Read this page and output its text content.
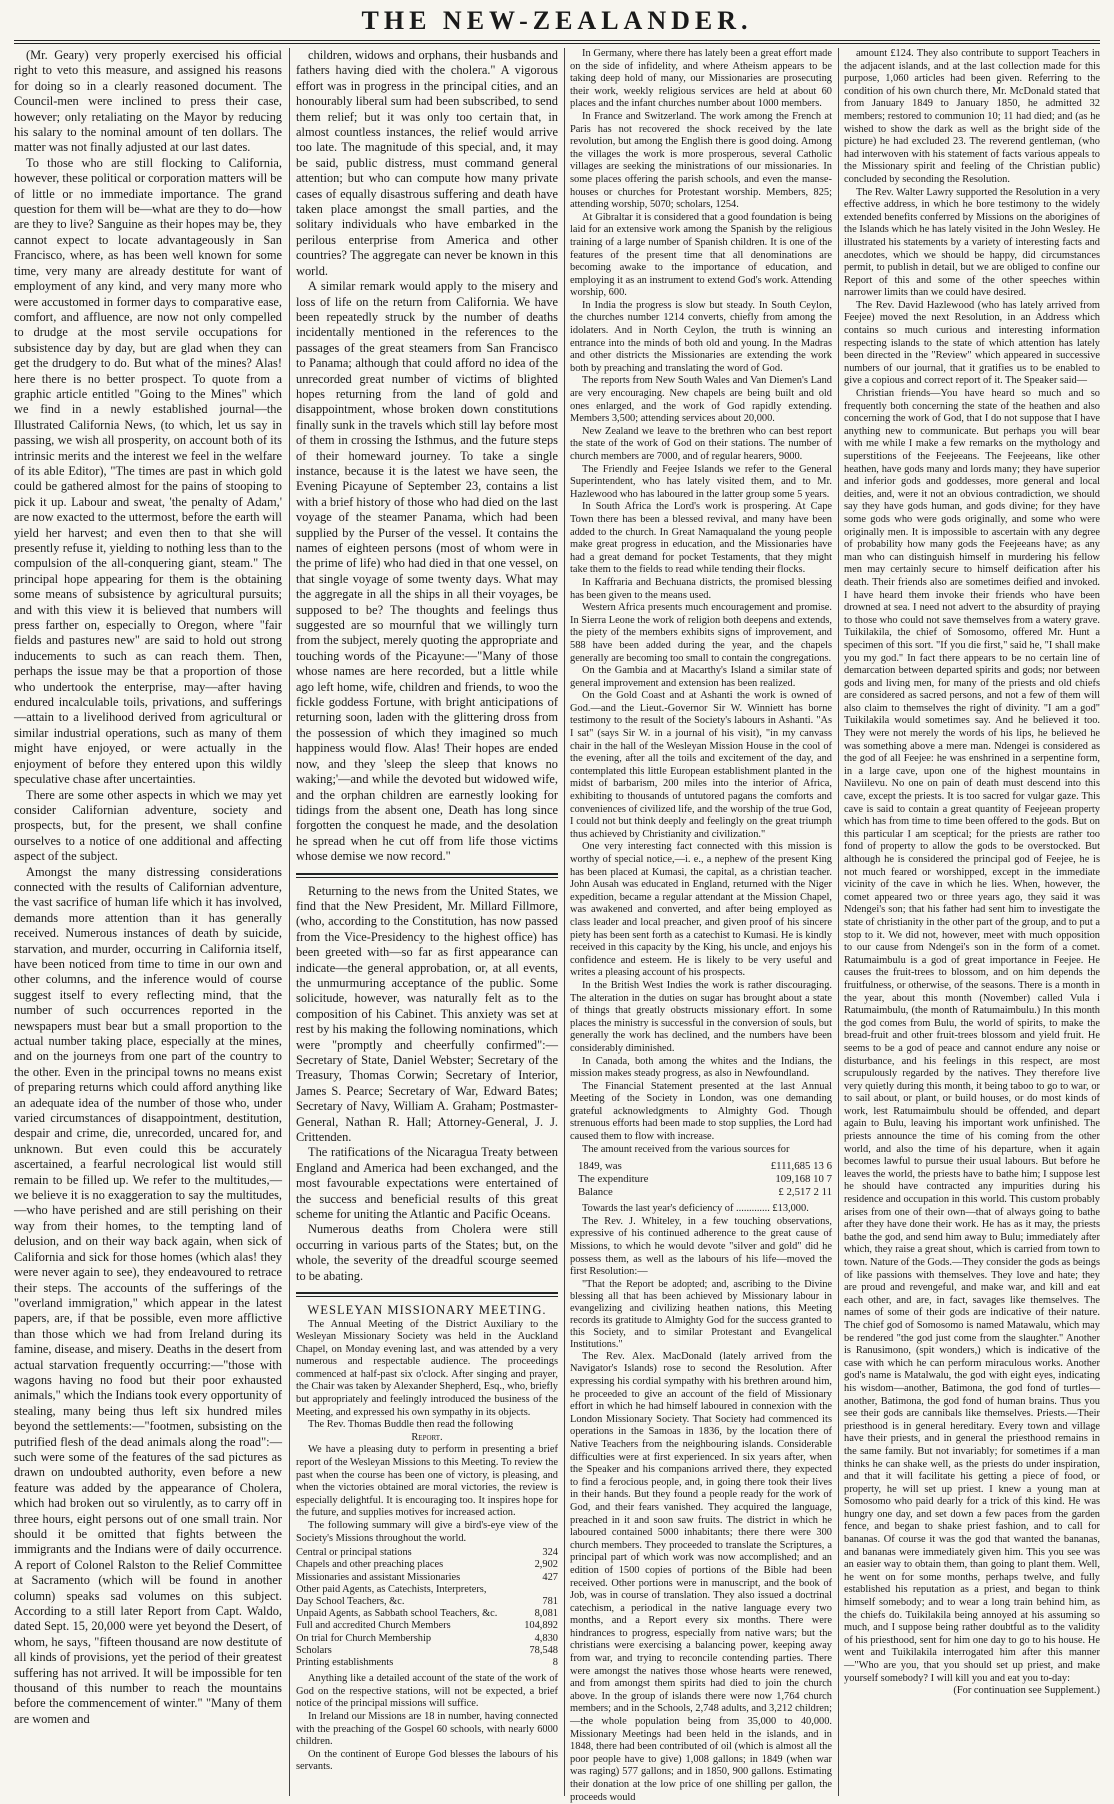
THE NEW-ZEALANDER.

(Mr. Geary) very properly exercised his official right to veto this measure, and assigned his reasons for doing so in a clearly reasoned document. The Council-men were inclined to press their case, however; only retaliating on the Mayor by reducing his salary to the nominal amount of ten dollars. The matter was not finally adjusted at our last dates.

To those who are still flocking to California, however, these political or corporation matters will be of little or no immediate importance. The grand question for them will be—what are they to do—how are they to live? Sanguine as their hopes may be, they cannot expect to locate advantageously in San Francisco, where, as has been well known for some time, very many are already destitute for want of employment of any kind, and very many more who were accustomed in former days to comparative ease, comfort, and affluence, are now not only compelled to drudge at the most servile occupations for subsistence day by day, but are glad when they can get the drudgery to do. But what of the mines? Alas! here there is no better prospect. To quote from a graphic article entitled "Going to the Mines" which we find in a newly established journal—the Illustrated California News, (to which, let us say in passing, we wish all prosperity, on account both of its intrinsic merits and the interest we feel in the welfare of its able Editor), "The times are past in which gold could be gathered almost for the pains of stooping to pick it up. Labour and sweat, 'the penalty of Adam,' are now exacted to the uttermost, before the earth will yield her harvest; and even then to that she will presently refuse it, yielding to nothing less than to the compulsion of the all-conquering giant, steam." The principal hope appearing for them is the obtaining some means of subsistence by agricultural pursuits; and with this view it is believed that numbers will press farther on, especially to Oregon, where "fair fields and pastures new" are said to hold out strong inducements to such as can reach them. Then, perhaps the issue may be that a proportion of those who undertook the enterprise, may—after having endured incalculable toils, privations, and sufferings—attain to a livelihood derived from agricultural or similar industrial operations, such as many of them might have enjoyed, or were actually in the enjoyment of before they entered upon this wildly speculative chase after uncertainties.

There are some other aspects in which we may yet consider Californian adventure, society and prospects, but, for the present, we shall confine ourselves to a notice of one additional and affecting aspect of the subject.

Amongst the many distressing considerations connected with the results of Californian adventure, the vast sacrifice of human life which it has involved, demands more attention than it has generally received. Numerous instances of death by suicide, starvation, and murder, occurring in California itself, have been noticed from time to time in our own and other columns, and the inference would of course suggest itself to every reflecting mind, that the number of such occurrences reported in the newspapers must bear but a small proportion to the actual number taking place, especially at the mines, and on the journeys from one part of the country to the other. Even in the principal towns no means exist of preparing returns which could afford anything like an adequate idea of the number of those who, under varied circumstances of disappointment, destitution, despair and crime, die, unrecorded, uncared for, and unknown. But even could this be accurately ascertained, a fearful necrological list would still remain to be filled up. We refer to the multitudes,—we believe it is no exaggeration to say the multitudes,—who have perished and are still perishing on their way from their homes, to the tempting land of delusion, and on their way back again, when sick of California and sick for those homes (which alas! they were never again to see), they endeavoured to retrace their steps. The accounts of the sufferings of the "overland immigration," which appear in the latest papers, are, if that be possible, even more afflictive than those which we had from Ireland during its famine, disease, and misery. Deaths in the desert from actual starvation frequently occurring:—"those with wagons having no food but their poor exhausted animals," which the Indians took every opportunity of stealing, many being thus left six hundred miles beyond the settlements:—"footmen, subsisting on the putrified flesh of the dead animals along the road":—such were some of the features of the sad pictures as drawn on undoubted authority, even before a new feature was added by the appearance of Cholera, which had broken out so virulently, as to carry off in three hours, eight persons out of one small train. Nor should it be omitted that fights between the immigrants and the Indians were of daily occurrence. A report of Colonel Ralston to the Relief Committee at Sacramento (which will be found in another column) speaks sad volumes on this subject. According to a still later Report from Capt. Waldo, dated Sept. 15, 20,000 were yet beyond the Desert, of whom, he says, "fifteen thousand are now destitute of all kinds of provisions, yet the period of their greatest suffering has not arrived. It will be impossible for ten thousand of this number to reach the mountains before the commencement of winter." "Many of them are women and

children, widows and orphans, their husbands and fathers having died with the cholera." A vigorous effort was in progress in the principal cities, and an honourably liberal sum had been subscribed, to send them relief; but it was only too certain that, in almost countless instances, the relief would arrive too late. The magnitude of this special, and, it may be said, public distress, must command general attention; but who can compute how many private cases of equally disastrous suffering and death have taken place amongst the small parties, and the solitary individuals who have embarked in the perilous enterprise from America and other countries? The aggregate can never be known in this world.

A similar remark would apply to the misery and loss of life on the return from California. We have been repeatedly struck by the number of deaths incidentally mentioned in the references to the passages of the great steamers from San Francisco to Panama; although that could afford no idea of the unrecorded great number of victims of blighted hopes returning from the land of gold and disappointment, whose broken down constitutions finally sunk in the travels which still lay before most of them in crossing the Isthmus, and the future steps of their homeward journey. To take a single instance, because it is the latest we have seen, the Evening Picayune of September 23, contains a list with a brief history of those who had died on the last voyage of the steamer Panama, which had been supplied by the Purser of the vessel. It contains the names of eighteen persons (most of whom were in the prime of life) who had died in that one vessel, on that single voyage of some twenty days. What may the aggregate in all the ships in all their voyages, be supposed to be? The thoughts and feelings thus suggested are so mournful that we willingly turn from the subject, merely quoting the appropriate and touching words of the Picayune:—"Many of those whose names are here recorded, but a little while ago left home, wife, children and friends, to woo the fickle goddess Fortune, with bright anticipations of returning soon, laden with the glittering dross from the possession of which they imagined so much happiness would flow. Alas! Their hopes are ended now, and they 'sleep the sleep that knows no waking;'—and while the devoted but widowed wife, and the orphan children are earnestly looking for tidings from the absent one, Death has long since forgotten the conquest he made, and the desolation he spread when he cut off from life those victims whose demise we now record."

Returning to the news from the United States, we find that the New President, Mr. Millard Fillmore, (who, according to the Constitution, has now passed from the Vice-Presidency to the highest office) has been greeted with—so far as first appearance can indicate—the general approbation, or, at all events, the unmurmuring acceptance of the public. Some solicitude, however, was naturally felt as to the composition of his Cabinet. This anxiety was set at rest by his making the following nominations, which were "promptly and cheerfully confirmed":—Secretary of State, Daniel Webster; Secretary of the Treasury, Thomas Corwin; Secretary of Interior, James S. Pearce; Secretary of War, Edward Bates; Secretary of Navy, William A. Graham; Postmaster-General, Nathan R. Hall; Attorney-General, J. J. Crittenden.

The ratifications of the Nicaragua Treaty between England and America had been exchanged, and the most favourable expectations were entertained of the success and beneficial results of this great scheme for uniting the Atlantic and Pacific Oceans.

Numerous deaths from Cholera were still occurring in various parts of the States; but, on the whole, the severity of the dreadful scourge seemed to be abating.

WESLEYAN MISSIONARY MEETING.

The Annual Meeting of the District Auxiliary to the Wesleyan Missionary Society was held in the Auckland Chapel, on Monday evening last, and was attended by a very numerous and respectable audience. The proceedings commenced at half-past six o'clock. After singing and prayer, the Chair was taken by Alexander Shepherd, Esq., who, briefly but appropriately and feelingly introduced the business of the Meeting, and expressed his own sympathy in its objects.

The Rev. Thomas Buddle then read the following

Report.

We have a pleasing duty to perform in presenting a brief report of the Wesleyan Missions to this Meeting. To review the past when the course has been one of victory, is pleasing, and when the victories obtained are moral victories, the review is especially delightful. It is encouraging too. It inspires hope for the future, and supplies motives for increased action.

The following summary will give a bird's-eye view of the Society's Missions throughout the world.

Central or principal stations	324
Chapels and other preaching places	2,902
Missionaries and assistant Missionaries	427
Other paid Agents, as Catechists, Interpreters,	
Day School Teachers, &c.	781
Unpaid Agents, as Sabbath school Teachers, &c.	8,081
Full and accredited Church Members	104,892
On trial for Church Membership	4,830
Scholars	78,548
Printing establishments	8

Anything like a detailed account of the state of the work of God on the respective stations, will not be expected, a brief notice of the principal missions will suffice.

In Ireland our Missions are 18 in number, having connected with the preaching of the Gospel 60 schools, with nearly 6000 children.

On the continent of Europe God blesses the labours of his servants.

In Germany, where there has lately been a great effort made on the side of infidelity, and where Atheism appears to be taking deep hold of many, our Missionaries are prosecuting their work, weekly religious services are held at about 60 places and the infant churches number about 1000 members.

In France and Switzerland. The work among the French at Paris has not recovered the shock received by the late revolution, but among the English there is good doing. Among the villages the work is more prosperous, several Catholic villages are seeking the ministrations of our missionaries. In some places offering the parish schools, and even the manse-houses or churches for Protestant worship. Members, 825; attending worship, 5070; scholars, 1254.

At Gibraltar it is considered that a good foundation is being laid for an extensive work among the Spanish by the religious training of a large number of Spanish children. It is one of the features of the present time that all denominations are becoming awake to the importance of education, and employing it as an instrument to extend God's work. Attending worship, 600.

In India the progress is slow but steady. In South Ceylon, the churches number 1214 converts, chiefly from among the idolaters. And in North Ceylon, the truth is winning an entrance into the minds of both old and young. In the Madras and other districts the Missionaries are extending the work both by preaching and translating the word of God.

The reports from New South Wales and Van Diemen's Land are very encouraging. New chapels are being built and old ones enlarged, and the work of God rapidly extending. Members 3,500; attending services about 20,000.

New Zealand we leave to the brethren who can best report the state of the work of God on their stations. The number of church members are 7000, and of regular hearers, 9000.

The Friendly and Feejee Islands we refer to the General Superintendent, who has lately visited them, and to Mr. Hazlewood who has laboured in the latter group some 5 years.

In South Africa the Lord's work is prospering. At Cape Town there has been a blessed revival, and many have been added to the church. In Great Namaqualand the young people make great progress in education, and the Missionaries have had a great demand for pocket Testaments, that they might take them to the fields to read while tending their flocks.

In Kaffraria and Bechuana districts, the promised blessing has been given to the means used.

Western Africa presents much encouragement and promise. In Sierra Leone the work of religion both deepens and extends, the piety of the members exhibits signs of improvement, and 588 have been added during the year, and the chapels generally are becoming too small to contain the congregations.

On the Gambia and at Macarthy's Island a similar state of general improvement and extension has been realized.

On the Gold Coast and at Ashanti the work is owned of God.—and the Lieut.-Governor Sir W. Winniett has borne testimony to the result of the Society's labours in Ashanti. "As I sat" (says Sir W. in a journal of his visit), "in my canvass chair in the hall of the Wesleyan Mission House in the cool of the evening, after all the toils and excitement of the day, and contemplated this little European establishment planted in the midst of barbarism, 200 miles into the interior of Africa, exhibiting to thousands of untutored pagans the comforts and conveniences of civilized life, and the worship of the true God, I could not but think deeply and feelingly on the great triumph thus achieved by Christianity and civilization."

One very interesting fact connected with this mission is worthy of special notice,—i. e., a nephew of the present King has been placed at Kumasi, the capital, as a christian teacher. John Ausah was educated in England, returned with the Niger expedition, became a regular attendant at the Mission Chapel, was awakened and converted, and after being employed as class leader and local preacher, and given proof of his sincere piety has been sent forth as a catechist to Kumasi. He is kindly received in this capacity by the King, his uncle, and enjoys his confidence and esteem. He is likely to be very useful and writes a pleasing account of his prospects.

In the British West Indies the work is rather discouraging. The alteration in the duties on sugar has brought about a state of things that greatly obstructs missionary effort. In some places the ministry is successful in the conversion of souls, but generally the work has declined, and the numbers have been considerably diminished.

In Canada, both among the whites and the Indians, the mission makes steady progress, as also in Newfoundland.

The Financial Statement presented at the last Annual Meeting of the Society in London, was one demanding grateful acknowledgments to Almighty God. Though strenuous efforts had been made to stop supplies, the Lord had caused them to flow with increase.

The amount received from the various sources for

1849, was	£111,685 13 6
The expenditure	109,168 10 7
Balance	£ 2,517 2 11

Towards the last year's deficiency of ............. £13,000.

The Rev. J. Whiteley, in a few touching observations, expressive of his continued adherence to the great cause of Missions, to which he would devote "silver and gold" did he possess them, as well as the labours of his life—moved the first Resolution:—

"That the Report be adopted; and, ascribing to the Divine blessing all that has been achieved by Missionary labour in evangelizing and civilizing heathen nations, this Meeting records its gratitude to Almighty God for the success granted to this Society, and to similar Protestant and Evangelical Institutions."

The Rev. Alex. MacDonald (lately arrived from the Navigator's Islands) rose to second the Resolution. After expressing his cordial sympathy with his brethren around him, he proceeded to give an account of the field of Missionary effort in which he had himself laboured in connexion with the London Missionary Society. That Society had commenced its operations in the Samoas in 1836, by the location there of Native Teachers from the neighbouring islands. Considerable difficulties were at first experienced. In six years after, when the Speaker and his companions arrived there, they expected to find a ferocious people, and, in going there took their lives in their hands. But they found a people ready for the work of God, and their fears vanished. They acquired the language, preached in it and soon saw fruits. The district in which he laboured contained 5000 inhabitants; there there were 300 church members. They proceeded to translate the Scriptures, a principal part of which work was now accomplished; and an edition of 1500 copies of portions of the Bible had been received. Other portions were in manuscript, and the book of Job, was in course of translation. They also issued a doctrinal catechism, a periodical in the native language every two months, and a Report every six months. There were hindrances to progress, especially from native wars; but the christians were exercising a balancing power, keeping away from war, and trying to reconcile contending parties. There were amongst the natives those whose hearts were renewed, and from amongst them spirits had died to join the church above. In the group of islands there were now 1,764 church members; and in the Schools, 2,748 adults, and 3,212 children;—the whole population being from 35,000 to 40,000. Missionary Meetings had been held in the islands, and in 1848, there had been contributed of oil (which is almost all the poor people have to give) 1,008 gallons; in 1849 (when war was raging) 577 gallons; and in 1850, 900 gallons. Estimating their donation at the low price of one shilling per gallon, the proceeds would

amount £124. They also contribute to support Teachers in the adjacent islands, and at the last collection made for this purpose, 1,060 articles had been given. Referring to the condition of his own church there, Mr. McDonald stated that from January 1849 to January 1850, he admitted 32 members; restored to communion 10; 11 had died; and (as he wished to show the dark as well as the bright side of the picture) he had excluded 23. The reverend gentleman, (who had interwoven with his statement of facts various appeals to the Missionary spirit and feeling of the Christian public) concluded by seconding the Resolution.

The Rev. Walter Lawry supported the Resolution in a very effective address, in which he bore testimony to the widely extended benefits conferred by Missions on the aborigines of the Islands which he has lately visited in the John Wesley. He illustrated his statements by a variety of interesting facts and anecdotes, which we should be happy, did circumstances permit, to publish in detail, but we are obliged to confine our Report of this and some of the other speeches within narrower limits than we could have desired.

The Rev. David Hazlewood (who has lately arrived from Feejee) moved the next Resolution, in an Address which contains so much curious and interesting information respecting islands to the state of which attention has lately been directed in the "Review" which appeared in successive numbers of our journal, that it gratifies us to be enabled to give a copious and correct report of it. The Speaker said—

Christian friends—You have heard so much and so frequently both concerning the state of the heathen and also concerning the work of God, that I do not suppose that I have anything new to communicate. But perhaps you will bear with me while I make a few remarks on the mythology and superstitions of the Feejeeans. The Feejeeans, like other heathen, have gods many and lords many; they have superior and inferior gods and goddesses, more general and local deities, and, were it not an obvious contradiction, we should say they have gods human, and gods divine; for they have some gods who were gods originally, and some who were originally men. It is impossible to ascertain with any degree of probability how many gods the Feejeeans have; as any man who can distinguish himself in murdering his fellow men may certainly secure to himself deification after his death. Their friends also are sometimes deified and invoked. I have heard them invoke their friends who have been drowned at sea. I need not advert to the absurdity of praying to those who could not save themselves from a watery grave. Tuikilakila, the chief of Somosomo, offered Mr. Hunt a specimen of this sort. "If you die first," said he, "I shall make you my god." In fact there appears to be no certain line of demarcation between departed spirits and gods; nor between gods and living men, for many of the priests and old chiefs are considered as sacred persons, and not a few of them will also claim to themselves the right of divinity. "I am a god" Tuikilakila would sometimes say. And he believed it too. They were not merely the words of his lips, he believed he was something above a mere man. Ndengei is considered as the god of all Feejee: he was enshrined in a serpentine form, in a large cave, upon one of the highest mountains in Naviilevu. No one on pain of death must descend into this cave, except the priests. It is too sacred for vulgar gaze. This cave is said to contain a great quantity of Feejeean property which has from time to time been offered to the gods. But on this particular I am sceptical; for the priests are rather too fond of property to allow the gods to be overstocked. But although he is considered the principal god of Feejee, he is not much feared or worshipped, except in the immediate vicinity of the cave in which he lies. When, however, the comet appeared two or three years ago, they said it was Ndengei's son; that his father had sent him to investigate the state of christianity in the other part of the group, and to put a stop to it. We did not, however, meet with much opposition to our cause from Ndengei's son in the form of a comet. Ratumaimbulu is a god of great importance in Feejee. He causes the fruit-trees to blossom, and on him depends the fruitfulness, or otherwise, of the seasons. There is a month in the year, about this month (November) called Vula i Ratumaimbulu, (the month of Ratumaimbulu.) In this month the god comes from Bulu, the world of spirits, to make the bread-fruit and other fruit-trees blossom and yield fruit. He seems to be a god of peace and cannot endure any noise or disturbance, and his feelings in this respect, are most scrupulously regarded by the natives. They therefore live very quietly during this month, it being taboo to go to war, or to sail about, or plant, or build houses, or do most kinds of work, lest Ratumaimbulu should be offended, and depart again to Bulu, leaving his important work unfinished. The priests announce the time of his coming from the other world, and also the time of his departure, when it again becomes lawful to pursue their usual labours. But before he leaves the world, the priests have to bathe him; I suppose lest he should have contracted any impurities during his residence and occupation in this world. This custom probably arises from one of their own—that of always going to bathe after they have done their work. He has as it may, the priests bathe the god, and send him away to Bulu; immediately after which, they raise a great shout, which is carried from town to town. Nature of the Gods.—They consider the gods as beings of like passions with themselves. They love and hate; they are proud and revengeful, and make war, and kill and eat each other, and are, in fact, savages like themselves. The names of some of their gods are indicative of their nature. The chief god of Somosomo is named Matawalu, which may be rendered "the god just come from the slaughter." Another is Ranusimono, (spit wonders,) which is indicative of the case with which he can perform miraculous works. Another god's name is Matalwalu, the god with eight eyes, indicating his wisdom—another, Batimona, the god fond of turtles—another, Batimona, the god fond of human brains. Thus you see their gods are cannibals like themselves. Priests.—Their priesthood is in general hereditary. Every town and village have their priests, and in general the priesthood remains in the same family. But not invariably; for sometimes if a man thinks he can shake well, as the priests do under inspiration, and that it will facilitate his getting a piece of food, or property, he will set up priest. I knew a young man at Somosomo who paid dearly for a trick of this kind. He was hungry one day, and set down a few paces from the garden fence, and began to shake priest fashion, and to call for bananas. Of course it was the god that wanted the bananas, and bananas were immediately given him. This you see was an easier way to obtain them, than going to plant them. Well, he went on for some months, perhaps twelve, and fully established his reputation as a priest, and began to think himself somebody; and to wear a long train behind him, as the chiefs do. Tuikilakila being annoyed at his assuming so much, and I suppose being rather doubtful as to the validity of his priesthood, sent for him one day to go to his house. He went and Tuikilakila interrogated him after this manner—"Who are you, that you should set up priest, and make yourself somebody? I will kill you and eat you to-day:

(For continuation see Supplement.)
